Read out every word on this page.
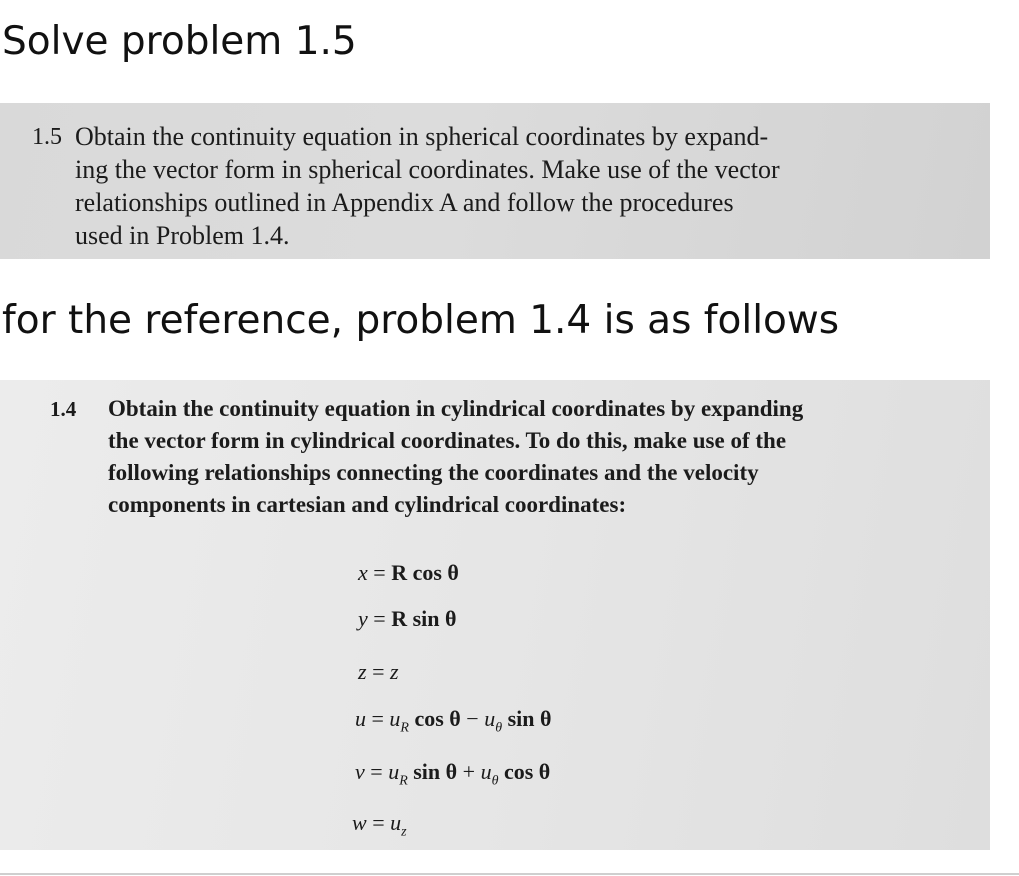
Solve problem 1.5
1.5 Obtain the continuity equation in spherical coordinates by expand-
ing the vector form in spherical coordinates. Make use of the vector
relationships outlined in Appendix A and follow the procedures
used in Problem 1.4.
for the reference, problem 1.4 is as follows
1.4 Obtain the continuity equation in cylindrical coordinates by expanding
the vector form in cylindrical coordinates. To do this, make use of the
following relationships connecting the coordinates and the velocity
components in cartesian and cylindrical coordinates:
x = R cos θ
y = R sin θ
z = z
$u = u_R$ $\cos \theta - u_\theta$ sin θ
$v = u_R$ $\sin \theta + u_\theta$ cos θ
$w = u_z$
